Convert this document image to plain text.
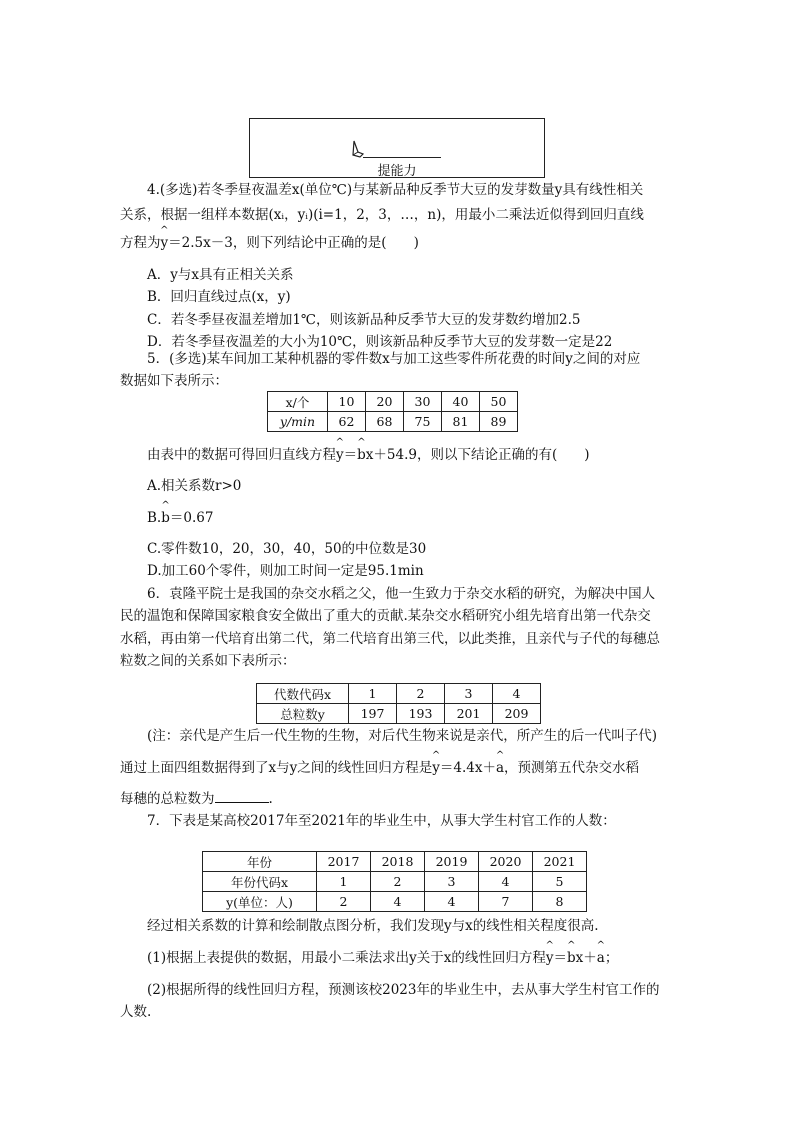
提能力
4.(多选)若冬季昼夜温差x(单位℃)与某新品种反季节大豆的发芽数量y具有线性相关
关系，根据一组样本数据(xᵢ，yᵢ)(i=1，2，3，…，n)，用最小二乘法近似得到回归直线
方程为^ y＝2.5x－3，则下列结论中正确的是(　　)
A．y与x具有正相关关系
B．回归直线过点(x，y)
C．若冬季昼夜温差增加1℃，则该新品种反季节大豆的发芽数约增加2.5
D．若冬季昼夜温差的大小为10℃，则该新品种反季节大豆的发芽数一定是22
5．(多选)某车间加工某种机器的零件数x与加工这些零件所花费的时间y之间的对应
数据如下表所示：
x/个	10	20	30	40	50
y/min	62	68	75	81	89
由表中的数据可得回归直线方程^ y＝^ bx＋54.9，则以下结论正确的有(　　)
A.相关系数r>0
B.^ b＝0.67
C.零件数10，20，30，40，50的中位数是30
D.加工60个零件，则加工时间一定是95.1min
6．袁隆平院士是我国的杂交水稻之父，他一生致力于杂交水稻的研究，为解决中国人
民的温饱和保障国家粮食安全做出了重大的贡献.某杂交水稻研究小组先培育出第一代杂交
水稻，再由第一代培育出第二代，第二代培育出第三代，以此类推，且亲代与子代的每穗总
粒数之间的关系如下表所示：
代数代码x	1	2	3	4
总粒数y	197	193	201	209
(注：亲代是产生后一代生物的生物，对后代生物来说是亲代，所产生的后一代叫子代)
通过上面四组数据得到了x与y之间的线性回归方程是^ y＝4.4x＋^ a，预测第五代杂交水稻
每穗的总粒数为	.
7．下表是某高校2017年至2021年的毕业生中，从事大学生村官工作的人数：
年份	2017	2018	2019	2020	2021
年份代码x	1	2	3	4	5
y(单位：人)	2	4	4	7	8
经过相关系数的计算和绘制散点图分析，我们发现y与x的线性相关程度很高.
(1)根据上表提供的数据，用最小二乘法求出y关于x的线性回归方程^ y＝^ bx＋^ a；
(2)根据所得的线性回归方程，预测该校2023年的毕业生中，去从事大学生村官工作的
人数.
